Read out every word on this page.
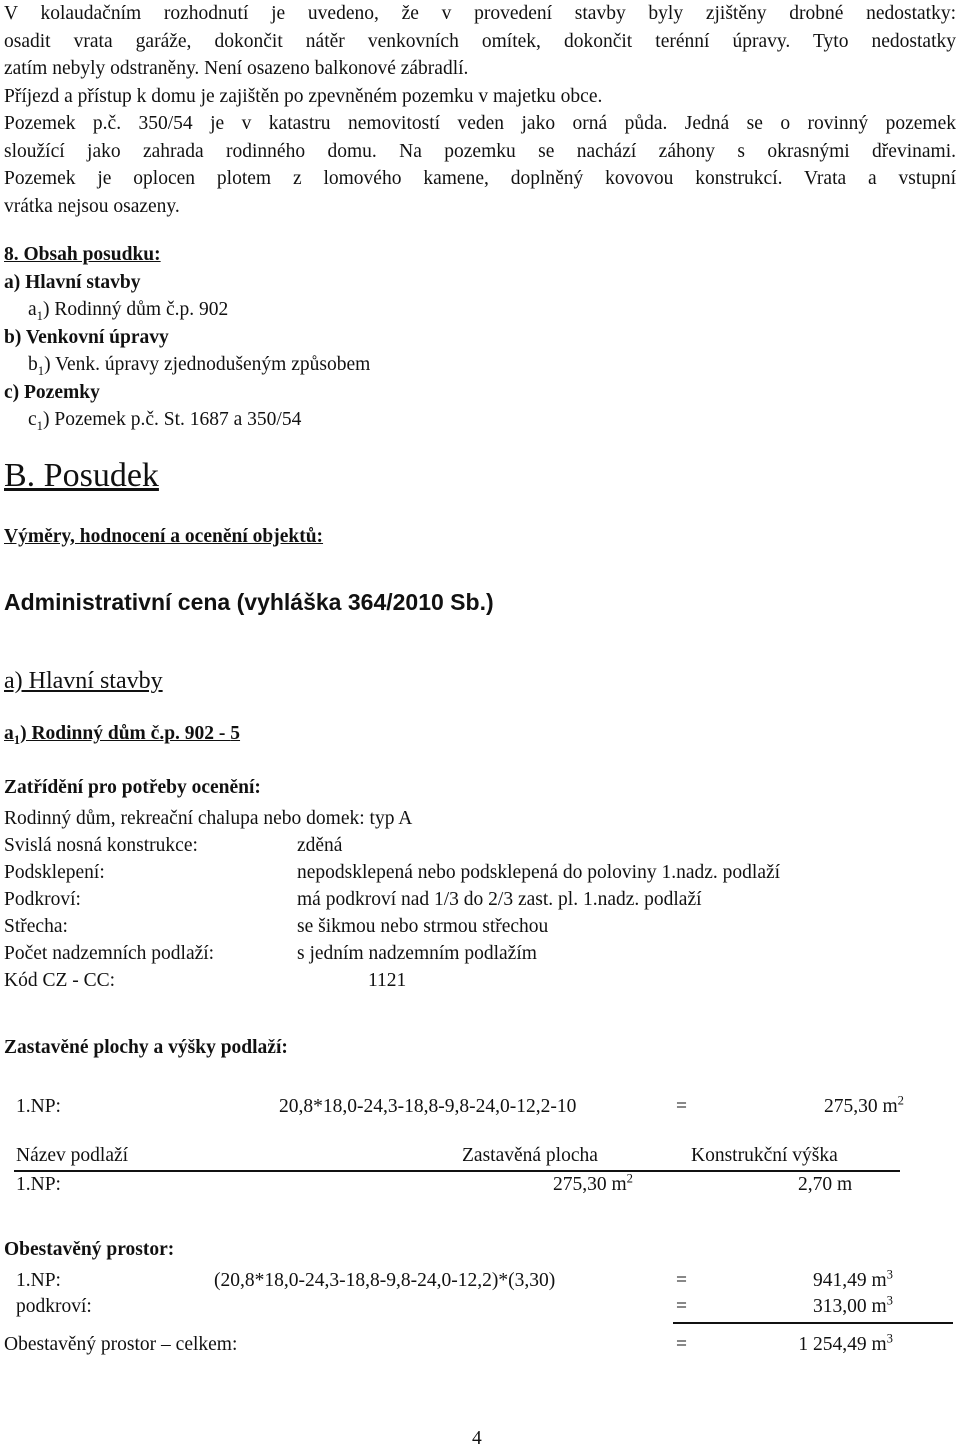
V kolaudačním rozhodnutí je uvedeno, že v provedení stavby byly zjištěny drobné nedostatky:
osadit vrata garáže, dokončit nátěr venkovních omítek, dokončit terénní úpravy. Tyto nedostatky
zatím nebyly odstraněny. Není osazeno balkonové zábradlí.
Příjezd a přístup k domu je zajištěn po zpevněném pozemku v majetku obce.
Pozemek p.č. 350/54 je v katastru nemovitostí veden jako orná půda. Jedná se o rovinný pozemek
sloužící jako zahrada rodinného domu. Na pozemku se nachází záhony s okrasnými dřevinami.
Pozemek je oplocen plotem z lomového kamene, doplněný kovovou konstrukcí. Vrata a vstupní
vrátka nejsou osazeny.
8. Obsah posudku:
a) Hlavní stavby
$a_1$) Rodinný dům č.p. 902
b) Venkovní úpravy
$b_1$) Venk. úpravy zjednodušeným způsobem
c) Pozemky
$c_1$) Pozemek p.č. St. 1687 a 350/54
B. Posudek
Výměry, hodnocení a ocenění objektů:
Administrativní cena (vyhláška 364/2010 Sb.)
a) Hlavní stavby
$a_1$) Rodinný dům č.p. 902 - 5
Zatřídění pro potřeby ocenění:
Rodinný dům, rekreační chalupa nebo domek: typ A
Svislá nosná konstrukce:	zděná
Podsklepení:	nepodsklepená nebo podsklepená do poloviny 1.nadz. podlaží
Podkroví:	má podkroví nad 1/3 do 2/3 zast. pl. 1.nadz. podlaží
Střecha:	se šikmou nebo strmou střechou
Počet nadzemních podlaží:	s jedním nadzemním podlažím
Kód CZ - CC:	1121
Zastavěné plochy a výšky podlaží:
1.NP:	20,8*18,0-24,3-18,8-9,8-24,0-12,2-10	=	275,30 $m^2$
Název podlaží	Zastavěná plocha	Konstrukční výška
1.NP:	275,30 $m^2$	2,70 m
Obestavěný prostor:
1.NP:	(20,8*18,0-24,3-18,8-9,8-24,0-12,2)*(3,30)	=	941,49 $m^3$
podkroví:	=	313,00 $m^3$
Obestavěný prostor – celkem:	=	1 254,49 $m^3$
4
